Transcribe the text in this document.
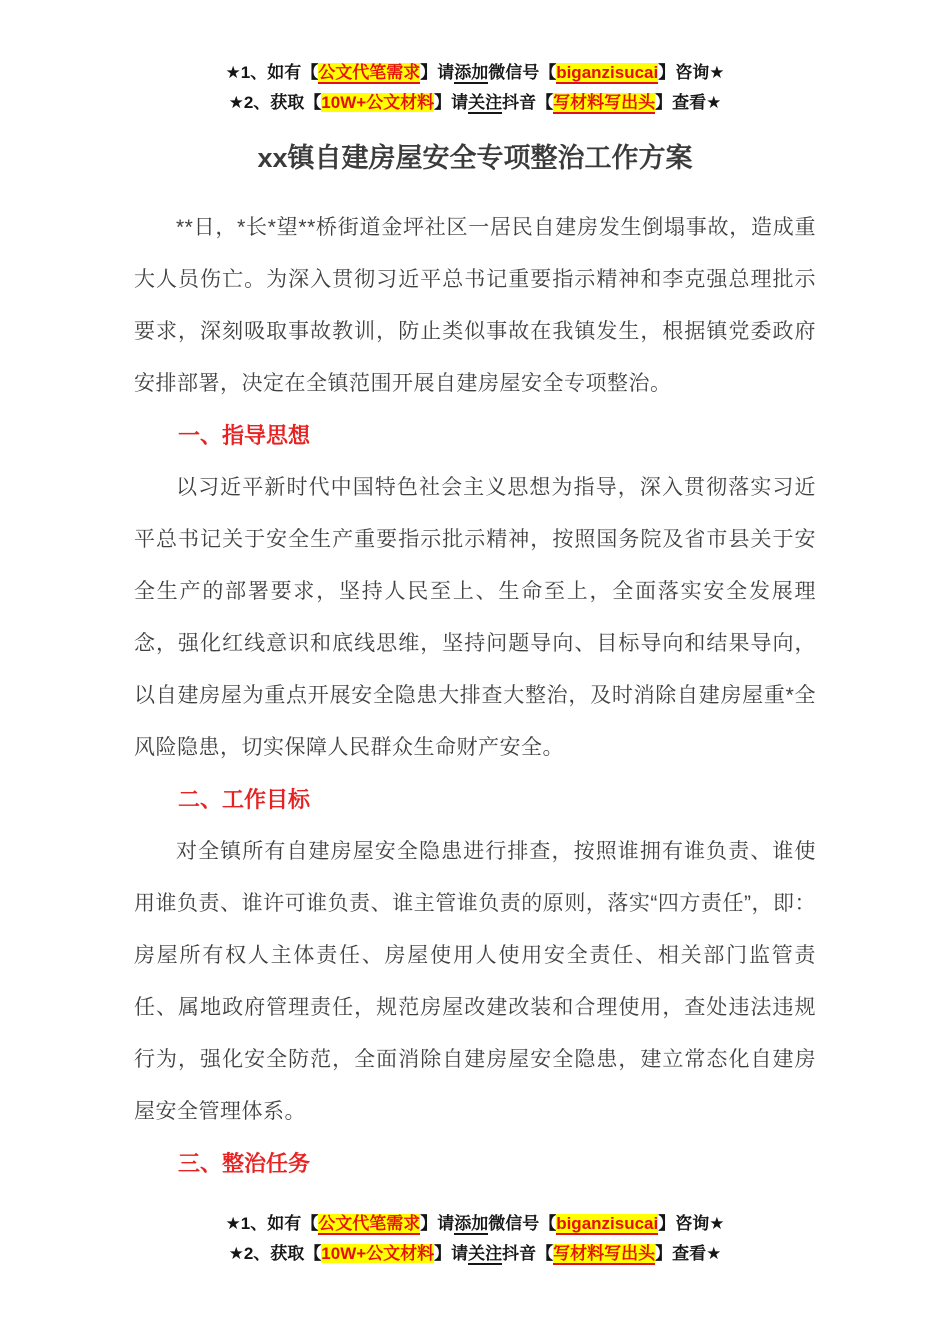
★1、如有【公文代笔需求】请添加微信号【biganzisucai】咨询★
★2、获取【10W+公文材料】请关注抖音【写材料写出头】查看★
xx镇自建房屋安全专项整治工作方案

**日，*长*望**桥街道金坪社区一居民自建房发生倒塌事故，造成重大人员伤亡。为深入贯彻习近平总书记重要指示精神和李克强总理批示要求，深刻吸取事故教训，防止类似事故在我镇发生，根据镇党委政府安排部署，决定在全镇范围开展自建房屋安全专项整治。

一、指导思想

以习近平新时代中国特色社会主义思想为指导，深入贯彻落实习近平总书记关于安全生产重要指示批示精神，按照国务院及省市县关于安全生产的部署要求，坚持人民至上、生命至上，全面落实安全发展理念，强化红线意识和底线思维，坚持问题导向、目标导向和结果导向，以自建房屋为重点开展安全隐患大排查大整治，及时消除自建房屋重*全风险隐患，切实保障人民群众生命财产安全。

二、工作目标

对全镇所有自建房屋安全隐患进行排查，按照谁拥有谁负责、谁使用谁负责、谁许可谁负责、谁主管谁负责的原则，落实“四方责任”，即：房屋所有权人主体责任、房屋使用人使用安全责任、相关部门监管责任、属地政府管理责任，规范房屋改建改装和合理使用，查处违法违规行为，强化安全防范，全面消除自建房屋安全隐患，建立常态化自建房屋安全管理体系。

三、整治任务
★1、如有【公文代笔需求】请添加微信号【biganzisucai】咨询★
★2、获取【10W+公文材料】请关注抖音【写材料写出头】查看★
